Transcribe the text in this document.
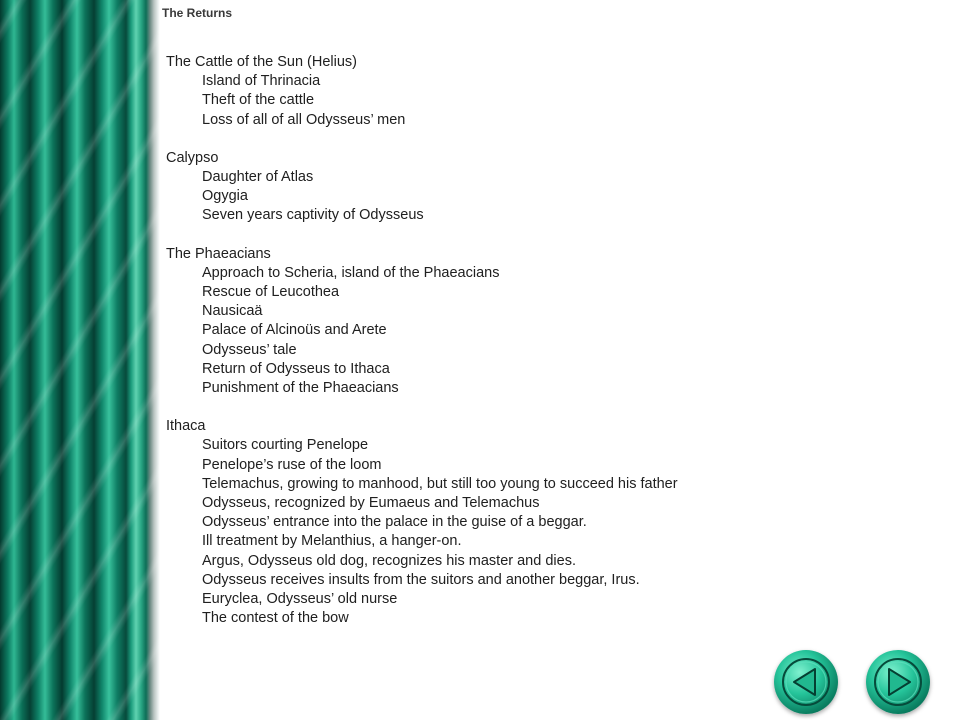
The Returns
The Cattle of the Sun (Helius)
Island of Thrinacia
Theft of the cattle
Loss of all of all Odysseus’ men
Calypso
Daughter of Atlas
Ogygia
Seven years captivity of Odysseus
The Phaeacians
Approach to Scheria, island of the Phaeacians
Rescue of Leucothea
Nausicaä
Palace of Alcinoüs and Arete
Odysseus’ tale
Return of Odysseus to Ithaca
Punishment of the Phaeacians
Ithaca
Suitors courting Penelope
Penelope’s ruse of the loom
Telemachus, growing to manhood, but still too young to succeed his father
Odysseus, recognized by Eumaeus and Telemachus
Odysseus’ entrance into the palace in the guise of a beggar.
Ill treatment by Melanthius, a hanger-on.
Argus, Odysseus old dog, recognizes his master and dies.
Odysseus receives insults from the suitors and another beggar, Irus.
Euryclea, Odysseus’ old nurse
The contest of the bow
